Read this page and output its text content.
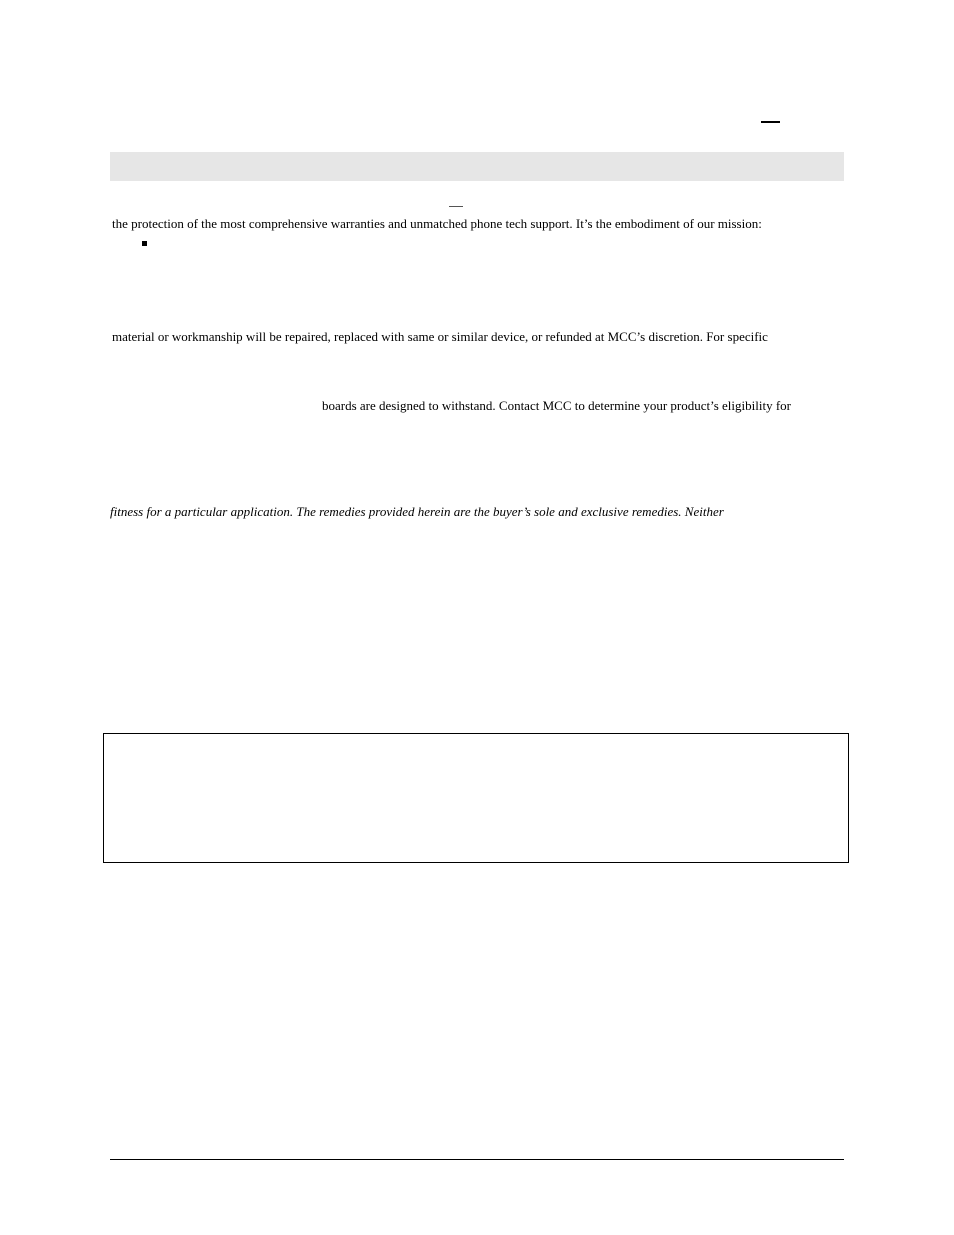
the protection of the most comprehensive warranties and unmatched phone tech support. It’s the embodiment of our mission:
material or workmanship will be repaired, replaced with same or similar device, or refunded at MCC’s discretion. For specific
boards are designed to withstand. Contact MCC to determine your product’s eligibility for
fitness for a particular application. The remedies provided herein are the buyer’s sole and exclusive remedies. Neither
